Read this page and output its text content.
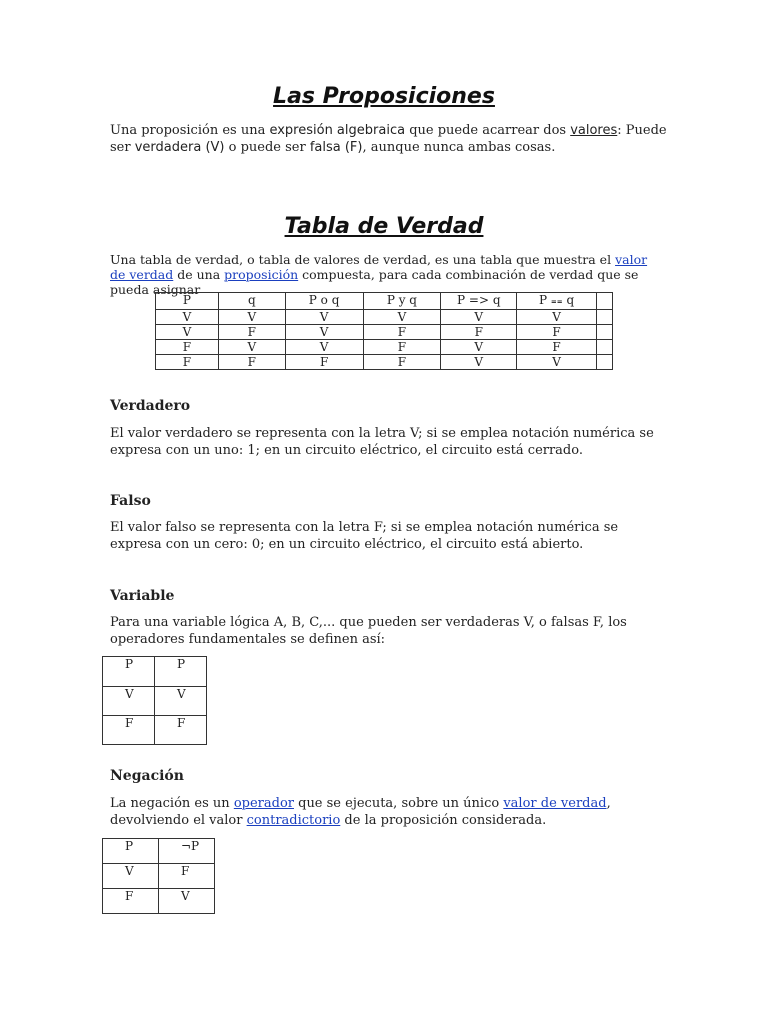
Las Proposiciones
Una proposición es una expresión algebraica que puede acarrear dos valores: Puede ser verdadera (V) o puede ser falsa (F), aunque nunca ambas cosas.
Tabla de Verdad
Una tabla de verdad, o tabla de valores de verdad, es una tabla que muestra el valor de verdad de una proposición compuesta, para cada combinación de verdad que se pueda asignar
P	q	P o q	P y q	P => q	P == q	
V	V	V	V	V	V	
V	F	V	F	F	F	
F	V	V	F	V	F	
F	F	F	F	V	V	
Verdadero
El valor verdadero se representa con la letra V; si se emplea notación numérica se expresa con un uno: 1; en un circuito eléctrico, el circuito está cerrado.
Falso
El valor falso se representa con la letra F; si se emplea notación numérica se expresa con un cero: 0; en un circuito eléctrico, el circuito está abierto.
Variable
Para una variable lógica A, B, C,... que pueden ser verdaderas V, o falsas F, los operadores fundamentales se definen así:
P	P
V	V
F	F
Negación
La negación es un operador que se ejecuta, sobre un único valor de verdad, devolviendo el valor contradictorio de la proposición considerada.
P	¬P
V	F
F	V
